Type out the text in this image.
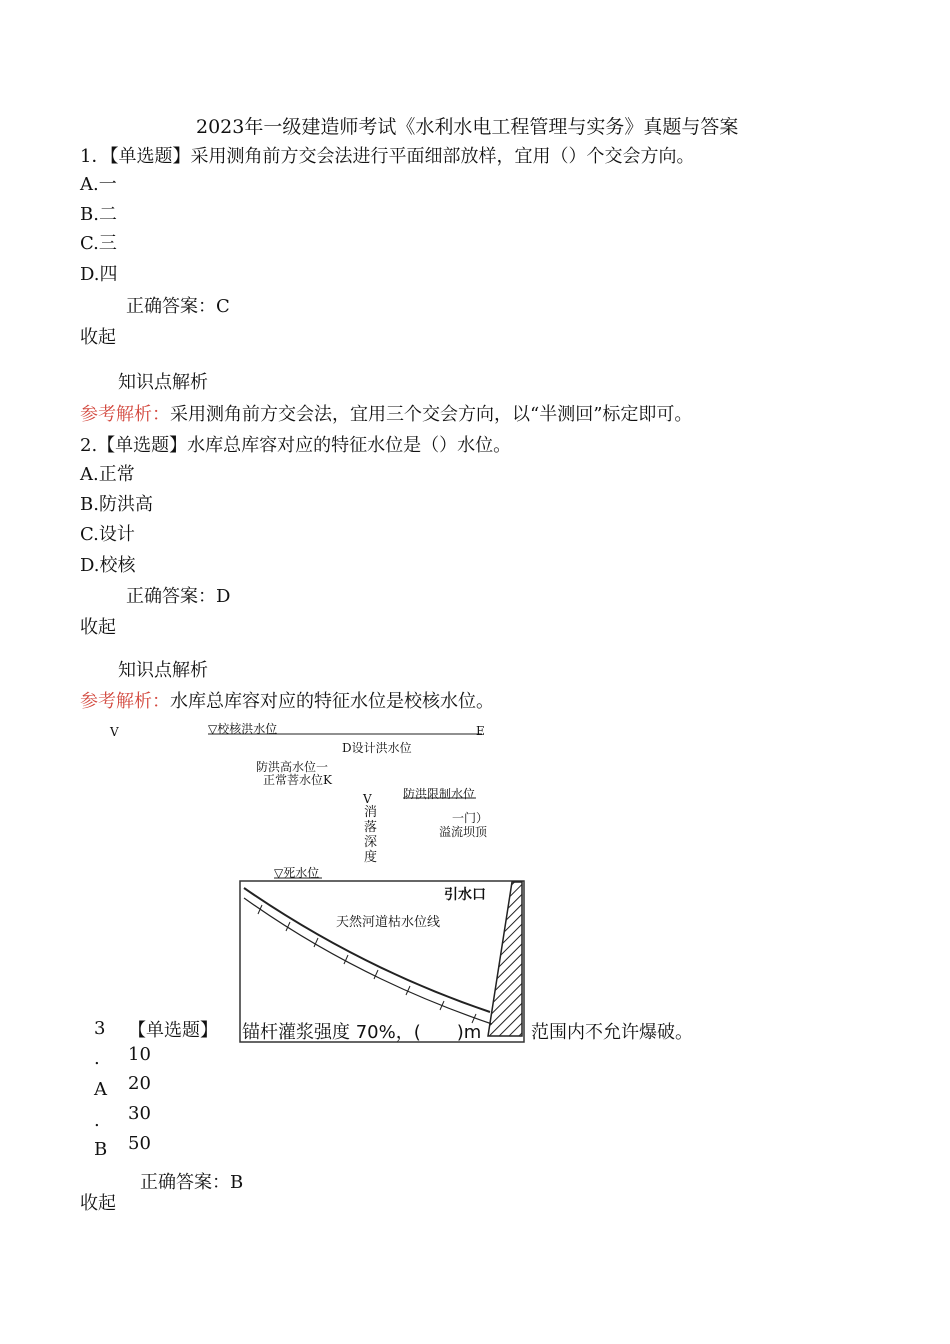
2023年一级建造师考试《水利水电工程管理与实务》真题与答案
1．【单选题】采用测角前方交会法进行平面细部放样，宜用（）个交会方向。
A.一
B.二
C.三
D.四
正确答案：C
收起
知识点解析
参考解析：采用测角前方交会法，宜用三个交会方向，以“半测回”标定即可。
2.【单选题】水库总库容对应的特征水位是（）水位。
A.正常
B.防洪高
C.设计
D.校核
正确答案：D
收起
知识点解析
参考解析：水库总库容对应的特征水位是校核水位。
V	▽校核洪水位	E
D设计洪水位
防洪高水位一
正常菩水位K
V
消落深度
防洪限制水位
一门）
溢流坝顶
▽死水位
引水口
天然河道枯水位线
锚杆灌浆强度 70%，(　　)m
3
.
A
.
B
【单选题】	范围内不允许爆破。
10
20
30
50
正确答案：B
收起
